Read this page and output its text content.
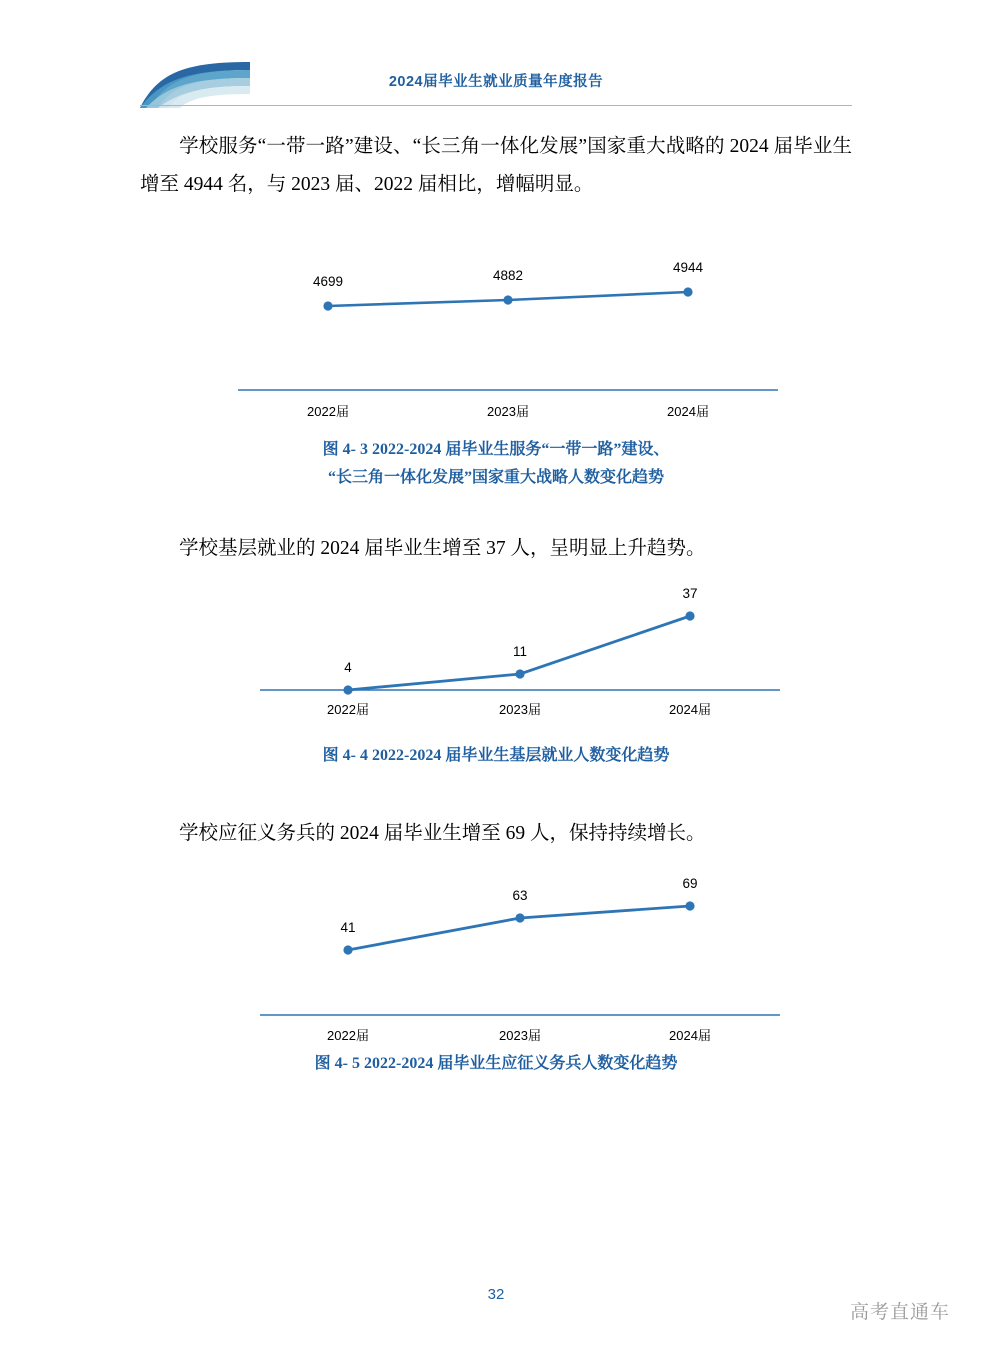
2024届毕业生就业质量年度报告
学校服务“一带一路”建设、“长三角一体化发展”国家重大战略的 2024 届毕业生增至 4944 名，与 2023 届、2022 届相比，增幅明显。
4699	4882
4944
2022届	2023届	2024届
图 4- 3 2022-2024 届毕业生服务“一带一路”建设、
“长三角一体化发展”国家重大战略人数变化趋势
学校基层就业的 2024 届毕业生增至 37 人，呈明显上升趋势。
4
11
37
2022届	2023届	2024届
图 4- 4 2022-2024 届毕业生基层就业人数变化趋势
学校应征义务兵的 2024 届毕业生增至 69 人，保持持续增长。
41
63
69
2022届	2023届	2024届
图 4- 5 2022-2024 届毕业生应征义务兵人数变化趋势
32
高考直通车
